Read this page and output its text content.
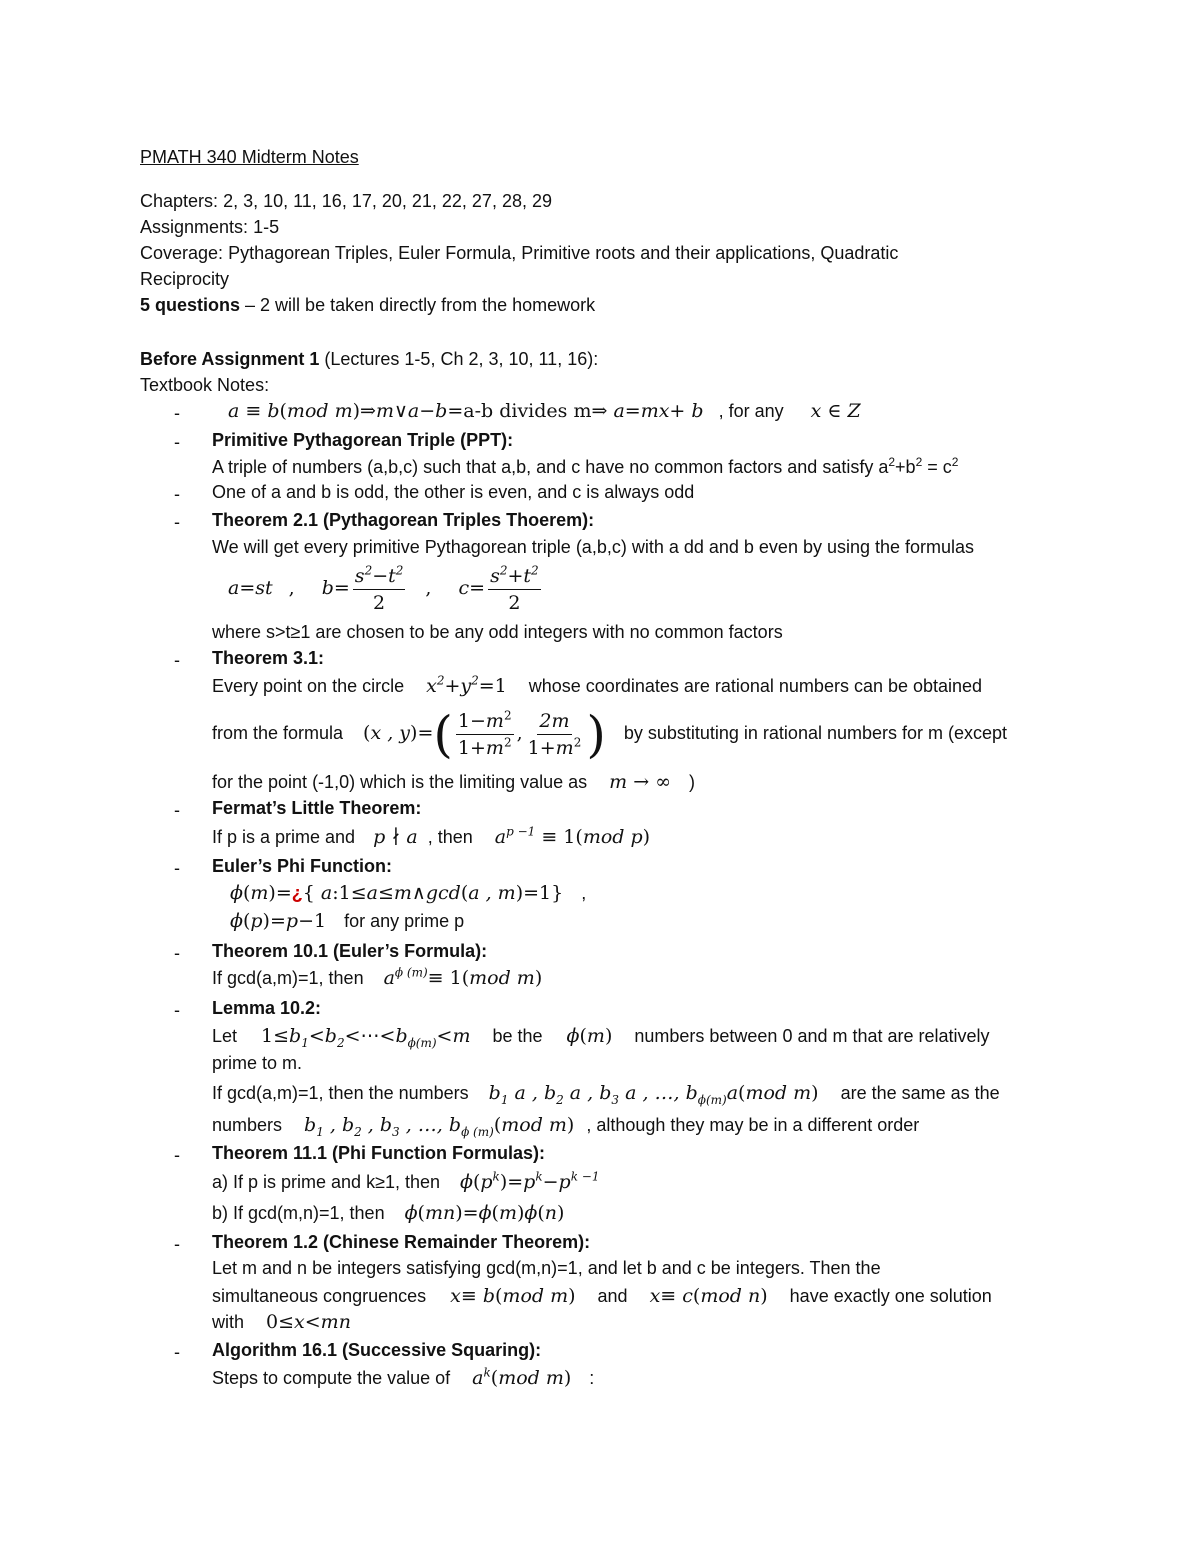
PMATH 340 Midterm Notes
Chapters: 2, 3, 10, 11, 16, 17, 20, 21, 22, 27, 28, 29
Assignments: 1-5
Coverage: Pythagorean Triples, Euler Formula, Primitive roots and their applications, Quadratic
Reciprocity
5 questions – 2 will be taken directly from the homework
Before Assignment 1 (Lectures 1-5, Ch 2, 3, 10, 11, 16):
Textbook Notes:
-	a ≡ b(mod m)⇒m∨a−b=a-b divides m⇒ a=mx+ b , for any x ∈ Z
- Primitive Pythagorean Triple (PPT):
A triple of numbers (a,b,c) such that a,b, and c have no common factors and satisfy $a^2+b^2 = c^2$
- One of a and b is odd, the other is even, and c is always odd
- Theorem 2.1 (Pythagorean Triples Thoerem):
We will get every primitive Pythagorean triple (a,b,c) with a dd and b even by using the formulas
a=st , $b= \frac{s^2-t^2}{2}$ , $c= \frac{s^2+t^2}{2}$
where s>t≥1 are chosen to be any odd integers with no common factors
- Theorem 3.1:
Every point on the circle $x^2+y^2=1$ whose coordinates are rational numbers can be obtained
from the formula (x , $y)=( \frac{1-m^2}{1+m^2}$ , $\frac{2m}{1+m^2}$ ) by substituting in rational numbers for m (except
for the point (-1,0) which is the limiting value as m → ∞ )
- Fermat’s Little Theorem:
If p is a prime and p ∤ a , then $a^{p -1} \equiv 1(mod$ p)
- Euler’s Phi Function:
ϕ(m)=¿{ a:1≤a≤m∧gcd(a , m)=1} ,
ϕ(p)=p−1 for any prime p
- Theorem 10.1 (Euler’s Formula):
If gcd(a,m)=1, then $a^{\phi (m)}\equiv 1(mod$ m)
- Lemma 10.2:
Let $1\le b_1<b_2<\cdots<b_{\phi(m)}<m$ be the ϕ(m) numbers between 0 and m that are relatively
prime to m.
If gcd(a,m)=1, then the numbers $b_1$ a , $b_2$ a , $b_3$ a , …, $b_{\phi(m)}a(mod$ m) are the same as the
numbers $b_1$ , $b_2$ , $b_3$ , …, $b_{\phi (m)}(mod$ m) , although they may be in a different order
- Theorem 11.1 (Phi Function Formulas):
a) If p is prime and k≥1, then $\phi(p^k)=p^k-p^{k -1}$
b) If gcd(m,n)=1, then ϕ(mn)=ϕ(m)ϕ(n)
- Theorem 1.2 (Chinese Remainder Theorem):
Let m and n be integers satisfying gcd(m,n)=1, and let b and c be integers. Then the
simultaneous congruences x≡ b(mod m) and x≡ c(mod n) have exactly one solution
with 0≤x<mn
- Algorithm 16.1 (Successive Squaring):
Steps to compute the value of $a^k(mod$ m) :
